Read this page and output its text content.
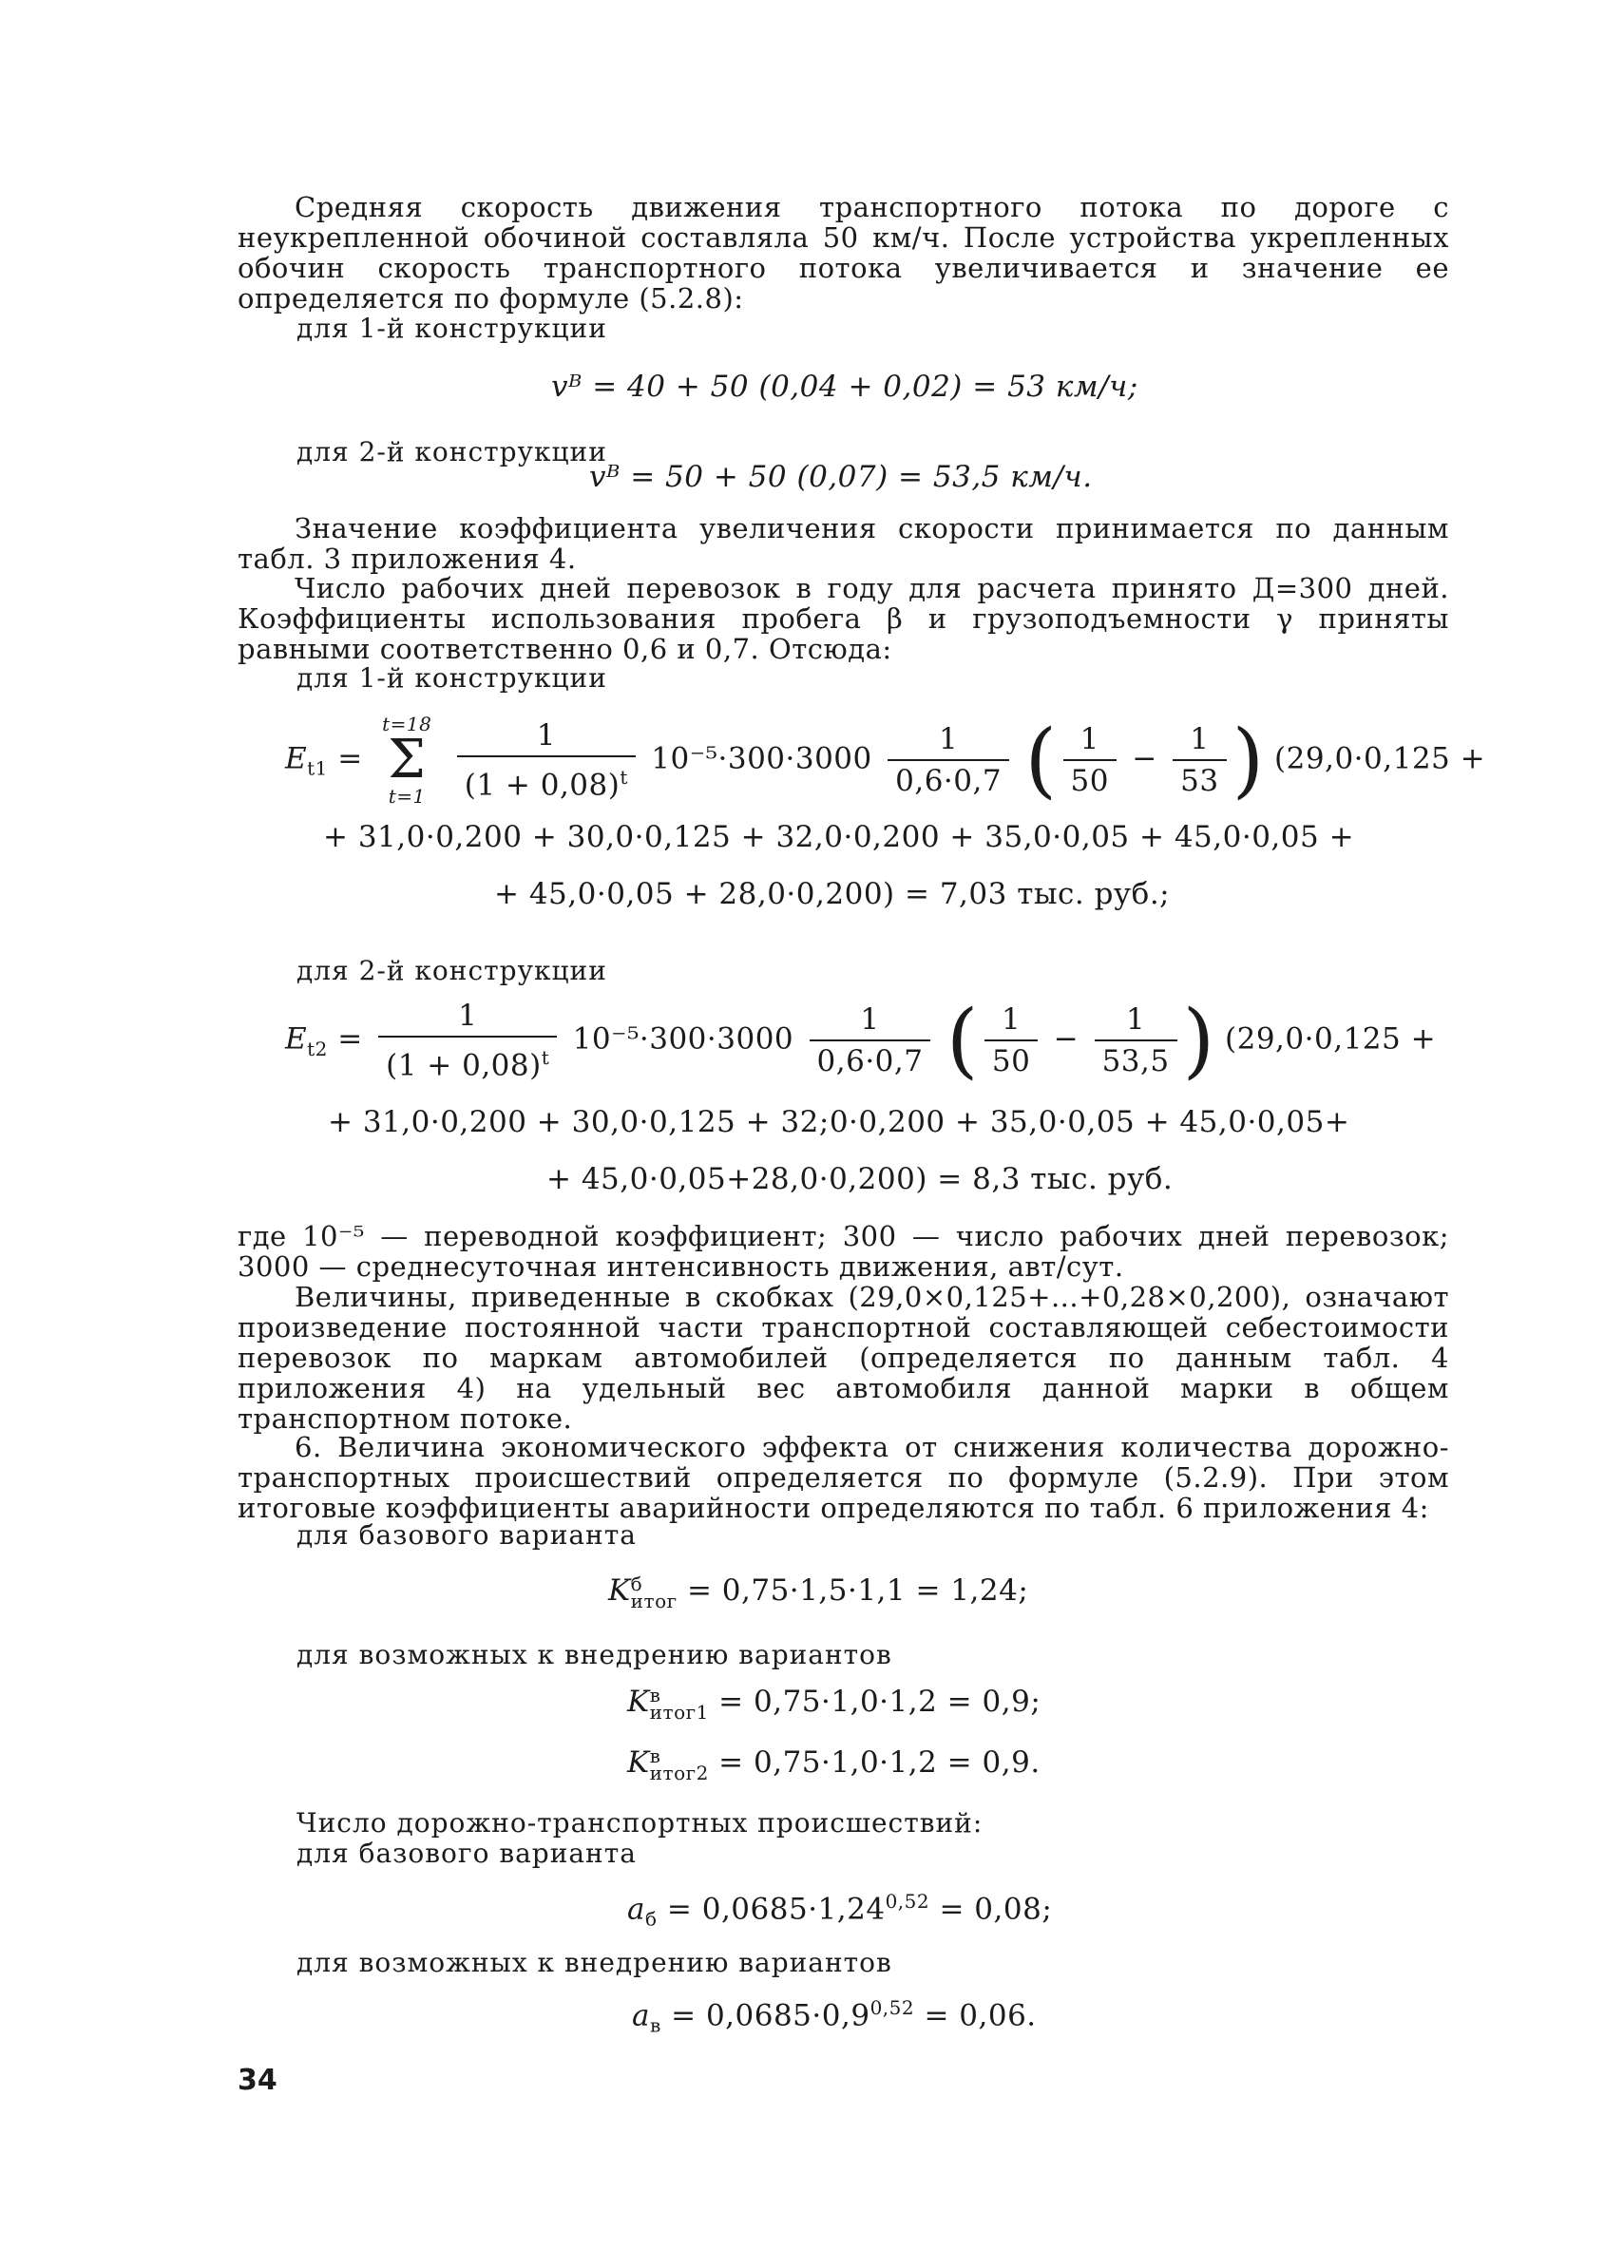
Средняя скорость движения транспортного потока по дороге с неукрепленной обочиной составляла 50 км/ч. После устройства укрепленных обочин скорость транспортного потока увеличивается и значение ее определяется по формуле (5.2.8):
для 1-й конструкции
vᴮ = 40 + 50 (0,04 + 0,02) = 53 км/ч;
для 2-й конструкции
vᴮ = 50 + 50 (0,07) = 53,5 км/ч.
Значение коэффициента увеличения скорости принимается по данным табл. 3 приложения 4.
Число рабочих дней перевозок в году для расчета принято Д=300 дней. Коэффициенты использования пробега β и грузоподъемности γ приняты равными соответственно 0,6 и 0,7. Отсюда:
для 1-й конструкции
$E_{t1}$ =
t=18
Σ
t=1
$\frac{1}{(1 + 0,08)^t} 10^{-5}\cdot 300\cdot 3000 \frac{1}{0,6\cdot 0,7}$ ( $\frac{1}{50} - \frac{1}{53}$ ) (29,0·0,125 +
+ 31,0·0,200 + 30,0·0,125 + 32,0·0,200 + 35,0·0,05 + 45,0·0,05 +
+ 45,0·0,05 + 28,0·0,200) = 7,03 тыс. руб.;
для 2-й конструкции
$E_{t2} = \frac{1}{(1 + 0,08)^t} 10^{-5}\cdot 300\cdot 3000 \frac{1}{0,6\cdot 0,7}$ ( $\frac{1}{50} - \frac{1}{53,5}$ ) (29,0·0,125 +
+ 31,0·0,200 + 30,0·0,125 + 32;0·0,200 + 35,0·0,05 + 45,0·0,05+
+ 45,0·0,05+28,0·0,200) = 8,3 тыс. руб.
где 10⁻⁵ — переводной коэффициент; 300 — число рабочих дней перевозок; 3000 — среднесуточная интенсивность движения, авт/сут.
Величины, приведенные в скобках (29,0×0,125+...+0,28×0,200), означают произведение постоянной части транспортной составляющей себестоимости перевозок по маркам автомобилей (определяется по данным табл. 4 приложения 4) на удельный вес автомобиля данной марки в общем транспортном потоке.
6. Величина экономического эффекта от снижения количества дорожно-транспортных происшествий определяется по формуле (5.2.9). При этом итоговые коэффициенты аварийности определяются по табл. 6 приложения 4:
для базового варианта
K б
итог = 0,75·1,5·1,1 = 1,24;
для возможных к внедрению вариантов
K в
итог1 = 0,75·1,0·1,2 = 0,9;
K в
итог2 = 0,75·1,0·1,2 = 0,9.
Число дорожно-транспортных происшествий:
для базового варианта
$a_б = 0,0685\cdot 1,24^{0,52} = 0,08$;
для возможных к внедрению вариантов
$a_в = 0,0685\cdot 0,9^{0,52} = 0,06$.
34
